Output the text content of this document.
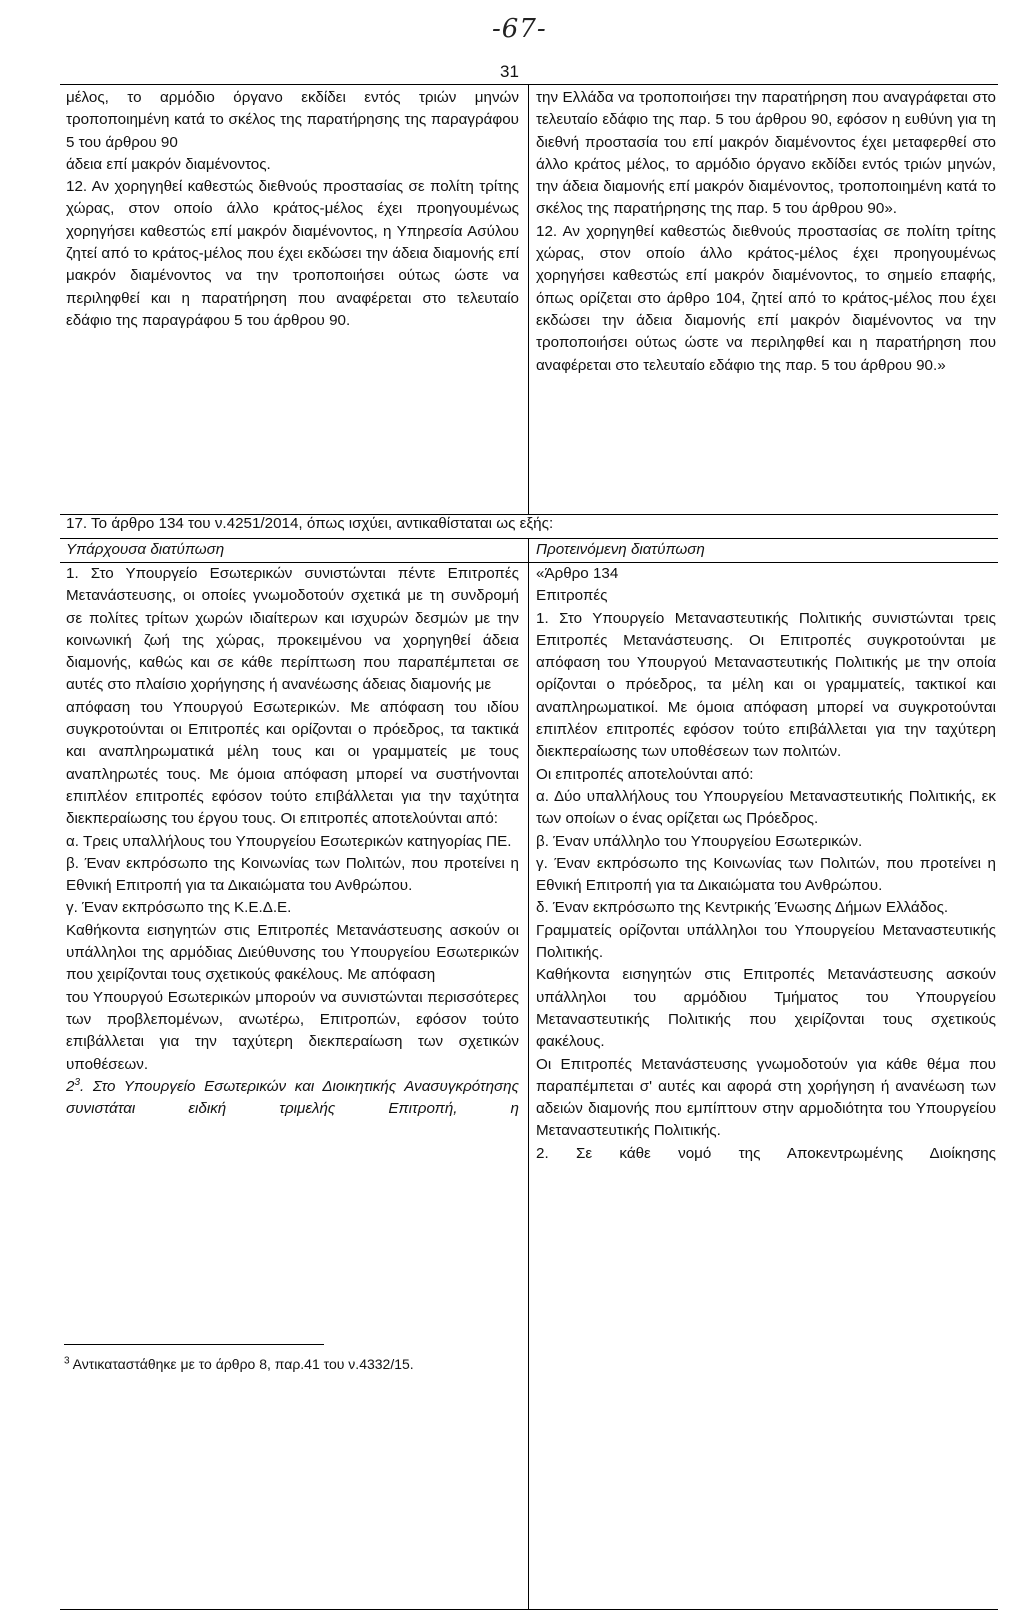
-67-
31

μέλος, το αρμόδιο όργανο εκδίδει εντός τριών μηνών τροποποιημένη κατά το σκέλος της παρατήρησης της παραγράφου 5 του άρθρου 90

άδεια επί μακρόν διαμένοντος.

12. Αν χορηγηθεί καθεστώς διεθνούς προστασίας σε πολίτη τρίτης χώρας, στον οποίο άλλο κράτος-μέλος έχει προηγουμένως χορηγήσει καθεστώς επί μακρόν διαμένοντος, η Υπηρεσία Ασύλου ζητεί από το κράτος-μέλος που έχει εκδώσει την άδεια διαμονής επί μακρόν διαμένοντος να την τροποποιήσει ούτως ώστε να περιληφθεί και η παρατήρηση που αναφέρεται στο τελευταίο εδάφιο της παραγράφου 5 του άρθρου 90.

την Ελλάδα να τροποποιήσει την παρατήρηση που αναγράφεται στο τελευταίο εδάφιο της παρ. 5 του άρθρου 90, εφόσον η ευθύνη για τη διεθνή προστασία του επί μακρόν διαμένοντος έχει μεταφερθεί στο άλλο κράτος μέλος, το αρμόδιο όργανο εκδίδει εντός τριών μηνών, την άδεια διαμονής επί μακρόν διαμένοντος, τροποποιημένη κατά το σκέλος της παρατήρησης της παρ. 5 του άρθρου 90».

12. Αν χορηγηθεί καθεστώς διεθνούς προστασίας σε πολίτη τρίτης χώρας, στον οποίο άλλο κράτος-μέλος έχει προηγουμένως χορηγήσει καθεστώς επί μακρόν διαμένοντος, το σημείο επαφής, όπως ορίζεται στο άρθρο 104, ζητεί από το κράτος-μέλος που έχει εκδώσει την άδεια διαμονής επί μακρόν διαμένοντος να την τροποποιήσει ούτως ώστε να περιληφθεί και η παρατήρηση που αναφέρεται στο τελευταίο εδάφιο της παρ. 5 του άρθρου 90.»

17. Το άρθρο 134 του ν.4251/2014, όπως ισχύει, αντικαθίσταται ως εξής:
Υπάρχουσα διατύπωση	Προτεινόμενη διατύπωση

1. Στο Υπουργείο Εσωτερικών συνιστώνται πέντε Επιτροπές Μετανάστευσης, οι οποίες γνωμοδοτούν σχετικά με τη συνδρομή σε πολίτες τρίτων χωρών ιδιαίτερων και ισχυρών δεσμών με την κοινωνική ζωή της χώρας, προκειμένου να χορηγηθεί άδεια διαμονής, καθώς και σε κάθε περίπτωση που παραπέμπεται σε αυτές στο πλαίσιο χορήγησης ή ανανέωσης άδειας διαμονής με

απόφαση του Υπουργού Εσωτερικών. Με απόφαση του ιδίου συγκροτούνται οι Επιτροπές και ορίζονται ο πρόεδρος, τα τακτικά και αναπληρωματικά μέλη τους και οι γραμματείς με τους αναπληρωτές τους. Με όμοια απόφαση μπορεί να συστήνονται επιπλέον επιτροπές εφόσον τούτο επιβάλλεται για την ταχύτητα διεκπεραίωσης του έργου τους. Οι επιτροπές αποτελούνται από:

α. Τρεις υπαλλήλους του Υπουργείου Εσωτερικών κατηγορίας ΠΕ.

β. Έναν εκπρόσωπο της Κοινωνίας των Πολιτών, που προτείνει η Εθνική Επιτροπή για τα Δικαιώματα του Ανθρώπου.

γ. Έναν εκπρόσωπο της Κ.Ε.Δ.Ε.

Καθήκοντα εισηγητών στις Επιτροπές Μετανάστευσης ασκούν οι υπάλληλοι της αρμόδιας Διεύθυνσης του Υπουργείου Εσωτερικών που χειρίζονται τους σχετικούς φακέλους. Με απόφαση

του Υπουργού Εσωτερικών μπορούν να συνιστώνται περισσότερες των προβλεπομένων, ανωτέρω, Επιτροπών, εφόσον τούτο επιβάλλεται για την ταχύτερη διεκπεραίωση των σχετικών υποθέσεων.

$2^3$. Στο Υπουργείο Εσωτερικών και Διοικητικής Ανασυγκρότησης συνιστάται ειδική τριμελής Επιτροπή, η

«Άρθρο 134

Επιτροπές

1. Στο Υπουργείο Μεταναστευτικής Πολιτικής συνιστώνται τρεις Επιτροπές Μετανάστευσης. Οι Επιτροπές συγκροτούνται με απόφαση του Υπουργού Μεταναστευτικής Πολιτικής με την οποία ορίζονται ο πρόεδρος, τα μέλη και οι γραμματείς, τακτικοί και αναπληρωματικοί. Με όμοια απόφαση μπορεί να συγκροτούνται επιπλέον επιτροπές εφόσον τούτο επιβάλλεται για την ταχύτερη διεκπεραίωσης των υποθέσεων των πολιτών.

Οι επιτροπές αποτελούνται από:

α. Δύο υπαλλήλους του Υπουργείου Μεταναστευτικής Πολιτικής, εκ των οποίων ο ένας ορίζεται ως Πρόεδρος.

β. Έναν υπάλληλο του Υπουργείου Εσωτερικών.

γ. Έναν εκπρόσωπο της Κοινωνίας των Πολιτών, που προτείνει η Εθνική Επιτροπή για τα Δικαιώματα του Ανθρώπου.

δ. Έναν εκπρόσωπο της Κεντρικής Ένωσης Δήμων Ελλάδος.

Γραμματείς ορίζονται υπάλληλοι του Υπουργείου Μεταναστευτικής Πολιτικής.

Καθήκοντα εισηγητών στις Επιτροπές Μετανάστευσης ασκούν υπάλληλοι του αρμόδιου Τμήματος του Υπουργείου Μεταναστευτικής Πολιτικής που χειρίζονται τους σχετικούς φακέλους.

Οι Επιτροπές Μετανάστευσης γνωμοδοτούν για κάθε θέμα που παραπέμπεται σ' αυτές και αφορά στη χορήγηση ή ανανέωση των αδειών διαμονής που εμπίπτουν στην αρμοδιότητα του Υπουργείου Μεταναστευτικής Πολιτικής.

2. Σε κάθε νομό της Αποκεντρωμένης Διοίκησης

$^3$ Αντικαταστάθηκε με το άρθρο 8, παρ.41 του ν.4332/15.
